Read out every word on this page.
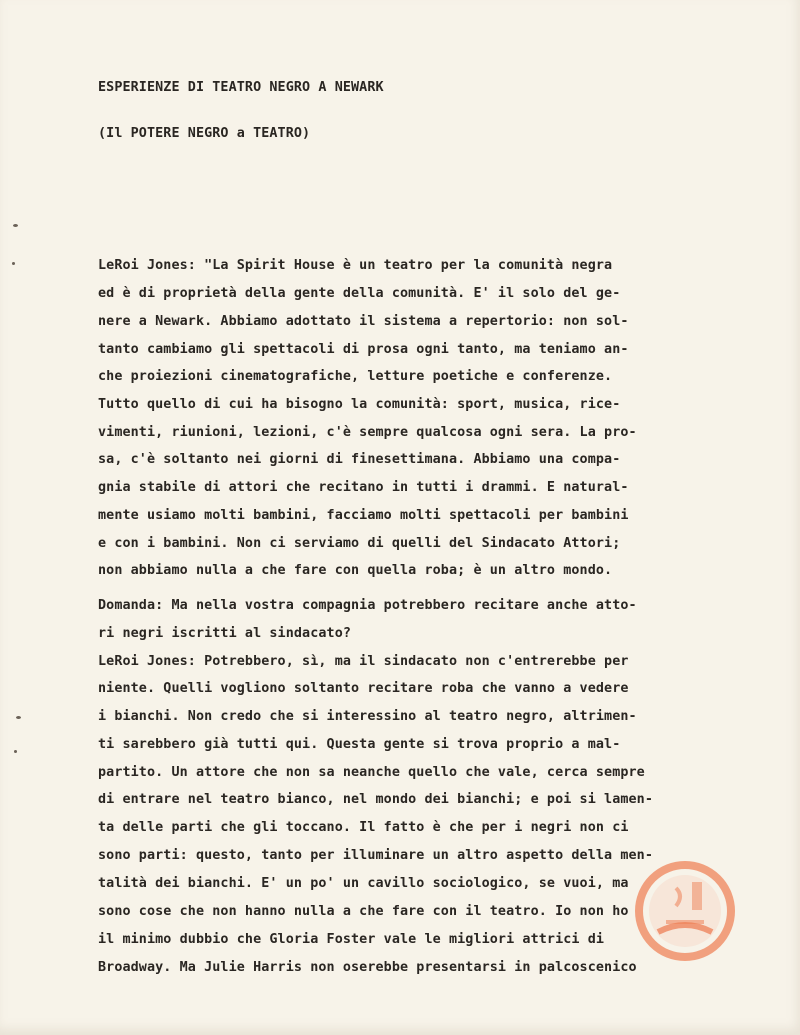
ESPERIENZE DI TEATRO NEGRO A NEWARK
(Il POTERE NEGRO a TEATRO)
LeRoi Jones: "La Spirit House è un teatro per la comunità negra
ed è di proprietà della gente della comunità. E' il solo del ge-
nere a Newark. Abbiamo adottato il sistema a repertorio: non sol-
tanto cambiamo gli spettacoli di prosa ogni tanto, ma teniamo an-
che proiezioni cinematografiche, letture poetiche e conferenze.
Tutto quello di cui ha bisogno la comunità: sport, musica, rice-
vimenti, riunioni, lezioni, c'è sempre qualcosa ogni sera. La pro-
sa, c'è soltanto nei giorni di finesettimana. Abbiamo una compa-
gnia stabile di attori che recitano in tutti i drammi. E natural-
mente usiamo molti bambini, facciamo molti spettacoli per bambini
e con i bambini. Non ci serviamo di quelli del Sindacato Attori;
non abbiamo nulla a che fare con quella roba; è un altro mondo.
Domanda: Ma nella vostra compagnia potrebbero recitare anche atto-
ri negri iscritti al sindacato?
LeRoi Jones: Potrebbero, sì, ma il sindacato non c'entrerebbe per
niente. Quelli vogliono soltanto recitare roba che vanno a vedere
i bianchi. Non credo che si interessino al teatro negro, altrimen-
ti sarebbero già tutti qui. Questa gente si trova proprio a mal-
partito. Un attore che non sa neanche quello che vale, cerca sempre
di entrare nel teatro bianco, nel mondo dei bianchi; e poi si lamen-
ta delle parti che gli toccano. Il fatto è che per i negri non ci
sono parti: questo, tanto per illuminare un altro aspetto della men-
talità dei bianchi. E' un po' un cavillo sociologico, se vuoi, ma
sono cose che non hanno nulla a che fare con il teatro. Io non ho
il minimo dubbio che Gloria Foster vale le migliori attrici di
Broadway. Ma Julie Harris non oserebbe presentarsi in palcoscenico
